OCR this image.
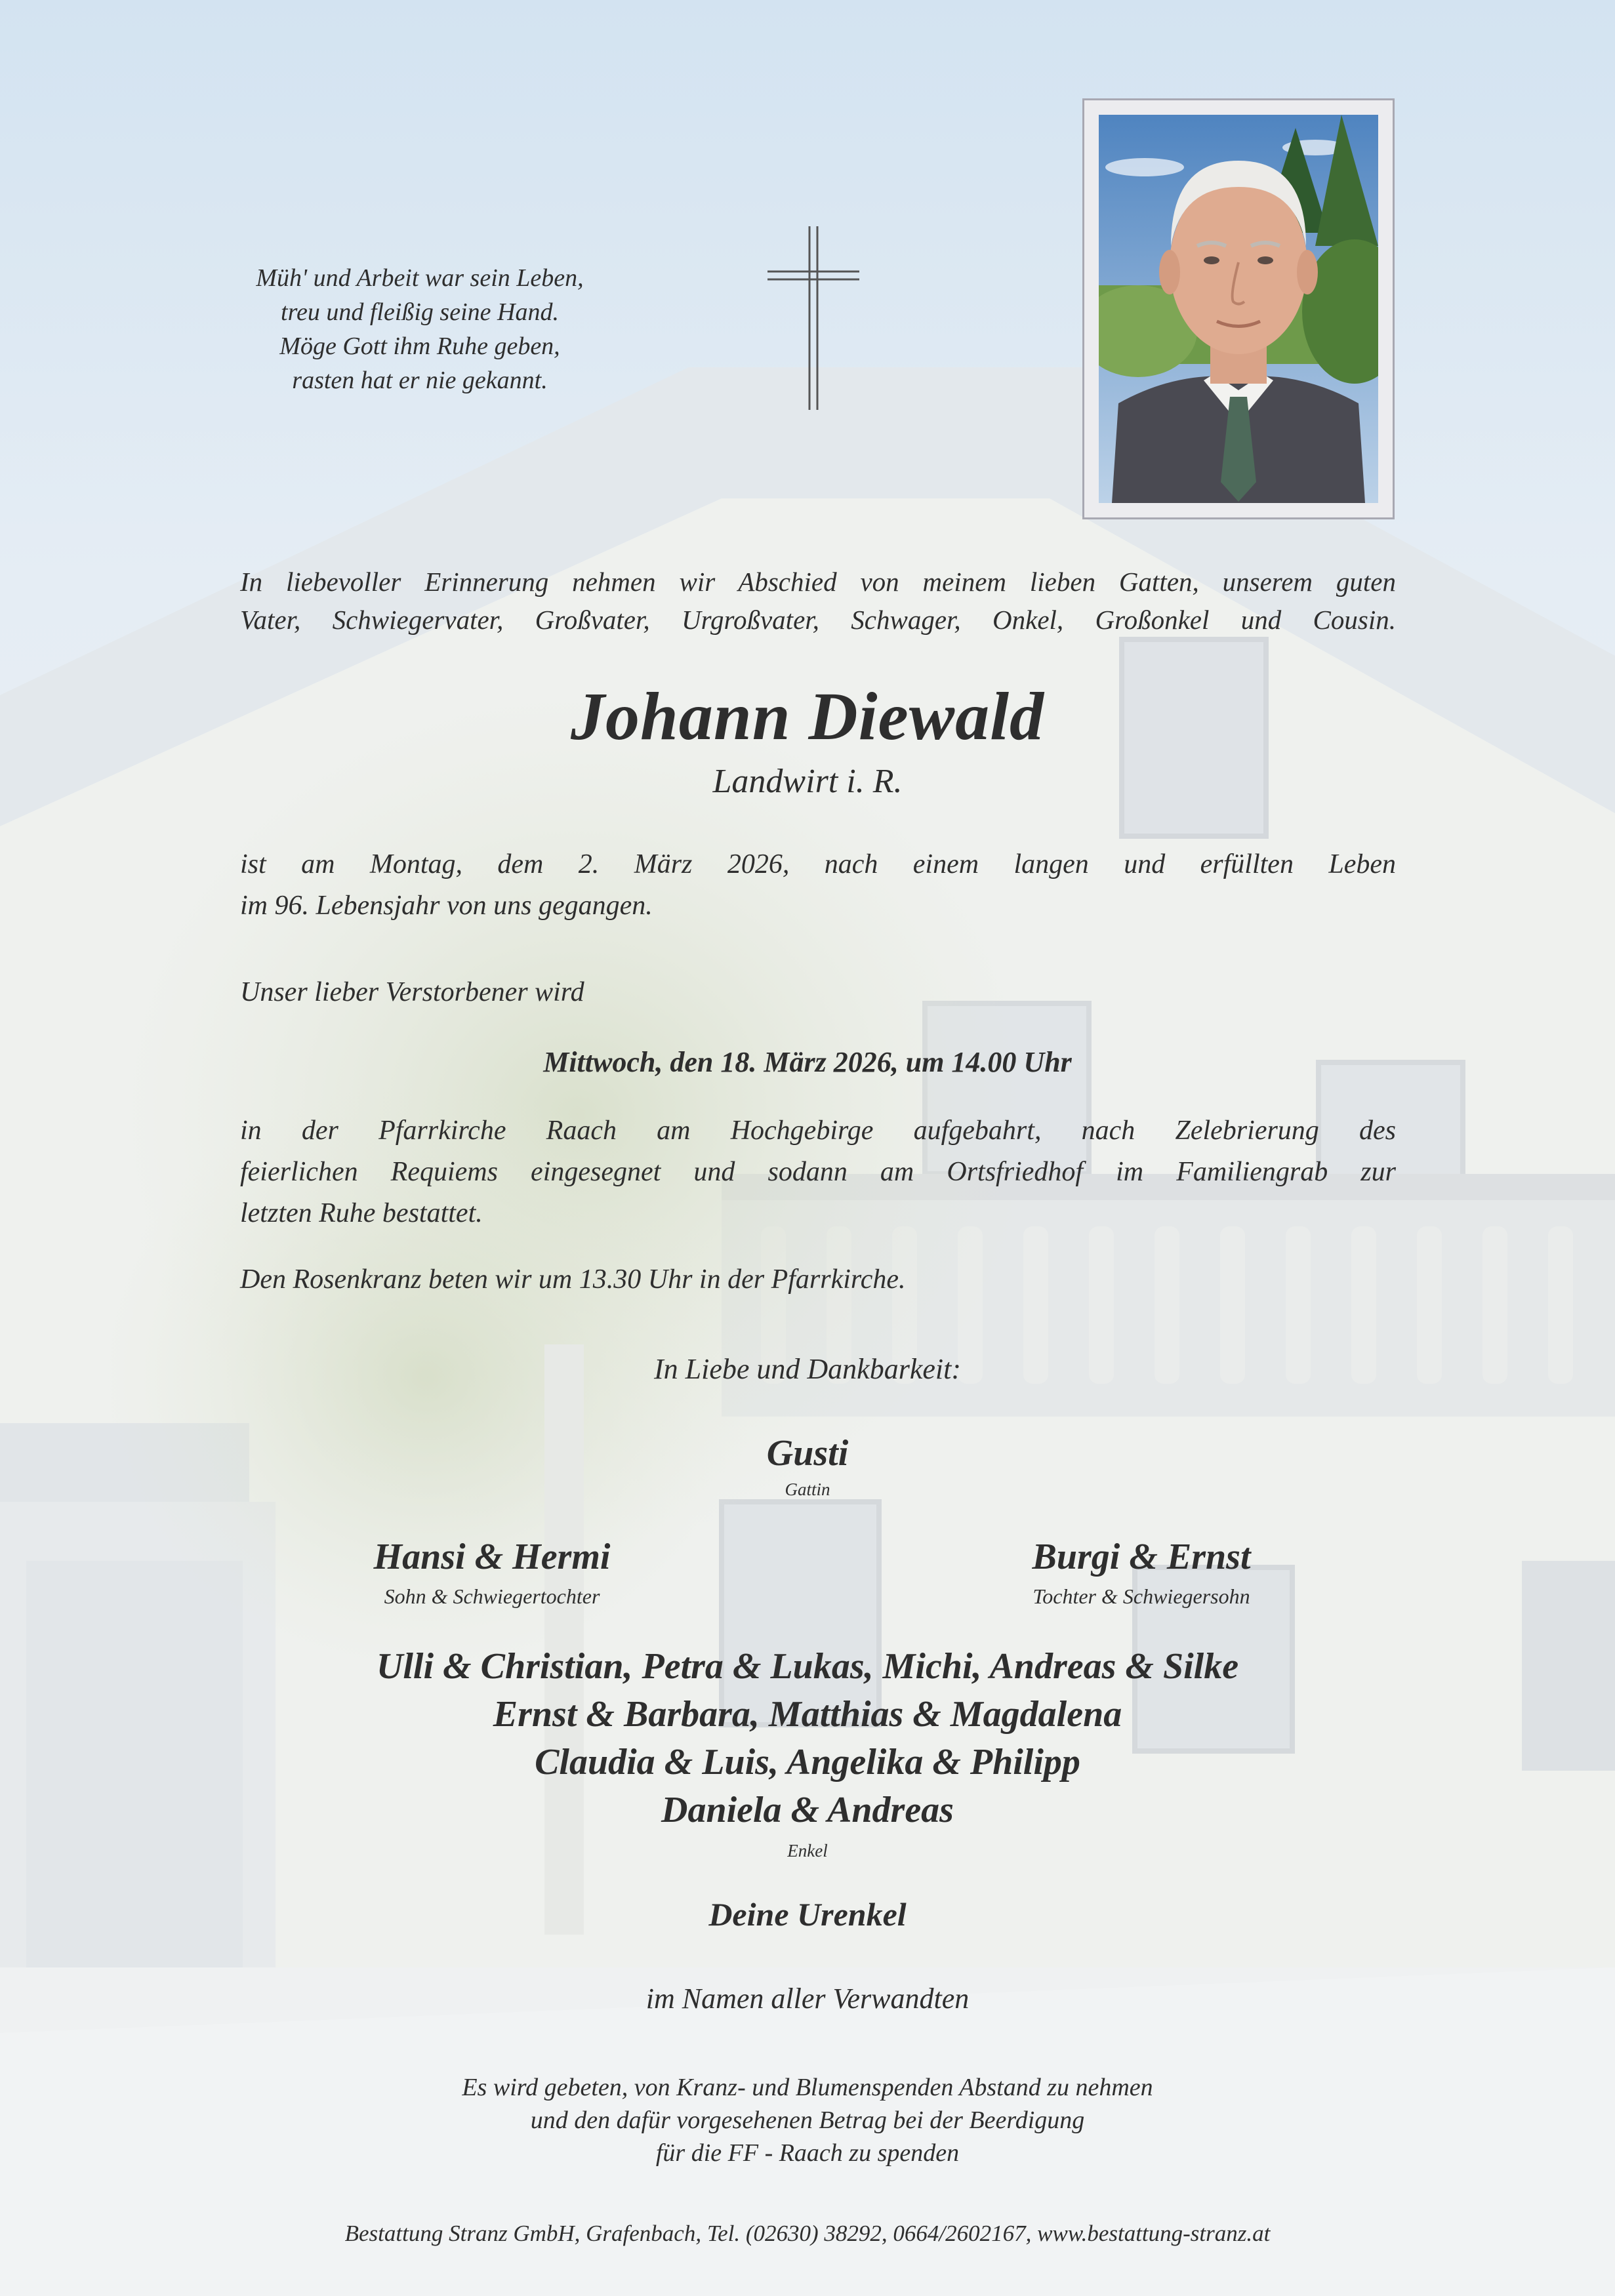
Müh' und Arbeit war sein Leben,
treu und fleißig seine Hand.
Möge Gott ihm Ruhe geben,
rasten hat er nie gekannt.
In liebevoller Erinnerung nehmen wir Abschied von meinem lieben Gatten, unserem guten
Vater, Schwiegervater, Großvater, Urgroßvater, Schwager, Onkel, Großonkel und Cousin.
Johann Diewald
Landwirt i. R.
ist am Montag, dem 2. März 2026, nach einem langen und erfüllten Leben
im 96. Lebensjahr von uns gegangen.
Unser lieber Verstorbener wird
Mittwoch, den 18. März 2026, um 14.00 Uhr
in der Pfarrkirche Raach am Hochgebirge aufgebahrt, nach Zelebrierung des
feierlichen Requiems eingesegnet und sodann am Ortsfriedhof im Familiengrab zur
letzten Ruhe bestattet.
Den Rosenkranz beten wir um 13.30 Uhr in der Pfarrkirche.
In Liebe und Dankbarkeit:
Gusti
Gattin
Hansi & Hermi
Sohn & Schwiegertochter
Burgi & Ernst
Tochter & Schwiegersohn
Ulli & Christian, Petra & Lukas, Michi, Andreas & Silke
Ernst & Barbara, Matthias & Magdalena
Claudia & Luis, Angelika & Philipp
Daniela & Andreas
Enkel
Deine Urenkel
im Namen aller Verwandten
Es wird gebeten, von Kranz- und Blumenspenden Abstand zu nehmen
und den dafür vorgesehenen Betrag bei der Beerdigung
für die FF - Raach zu spenden
Bestattung Stranz GmbH, Grafenbach, Tel. (02630) 38292, 0664/2602167, www.bestattung-stranz.at
